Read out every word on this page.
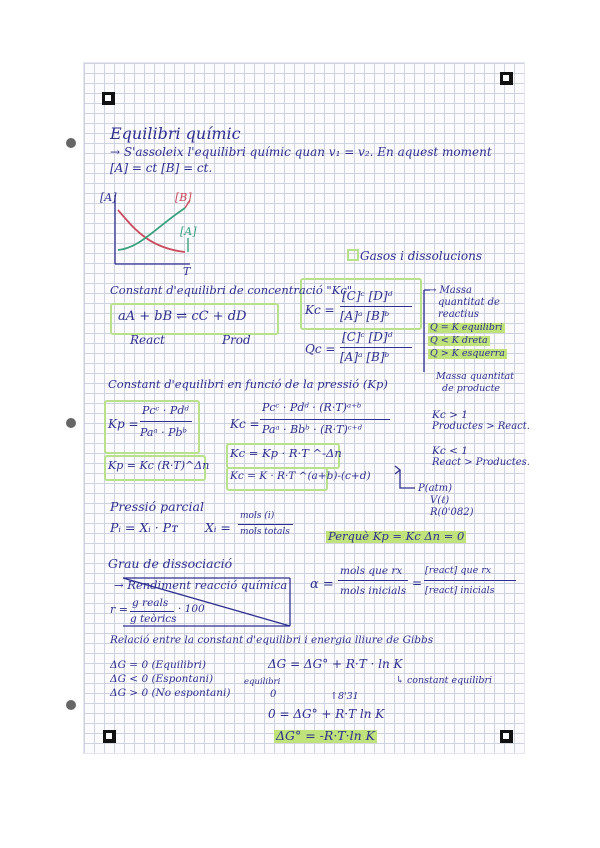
Equilibri químic
→ S'assoleix l'equilibri químic quan v₁ = v₂. En aquest moment
[A] = ct [B] = ct.
[A]	[B]
[A]
T
Gasos i dissolucions
Constant d'equilibri de concentració "Kc"
aA + bB ⇌ cC + dD
React	Prod
Kc =
[C]ᶜ [D]ᵈ
[A]ᵃ [B]ᵇ
Qc =
[C]ᶜ [D]ᵈ
[A]ᵃ [B]ᵇ
→ Massa
quantitat de
reactius
Q = K equilibri
Q < K dreta
Q > K esquerra
Massa quantitat
de producte
Constant d'equilibri en funció de la pressió (Kp)
Kp =
Pcᶜ · Pdᵈ
Paᵃ · Pbᵇ
Kc =
Pcᶜ · Pdᵈ · (R·T)ᵃ⁺ᵇ
Paᵃ · Bbᵇ · (R·T)ᶜ⁺ᵈ
Kp = Kc (R·T)^Δn
Kc = Kp · R·T ^-Δn
Kc = K · R·T ^(a+b)-(c+d)
P(atm)
V(ℓ)
R(0'082)
Kc > 1
Productes > React.
Kc < 1
React > Productes.
Pressió parcial
Pᵢ = Xᵢ · Pᴛ Xᵢ =
mols (i)
mols totals	Perquè Kp = Kc Δn = 0
Grau de dissociació
→ Rendiment reacció química
r = g reals
g teòrics
· 100
α =
mols que rx
mols inicials
=
[react] que rx
[react] inicials
Relació entre la constant d'equilibri i energia lliure de Gibbs
ΔG = 0 (Equilibri)
ΔG < 0 (Espontani)
ΔG > 0 (No espontani)
ΔG = ΔG° + R·T · ln K
↳ constant equilibri
equilibri
0	↑8'31
0 = ΔG° + R·T ln K
ΔG° = -R·T·ln K
